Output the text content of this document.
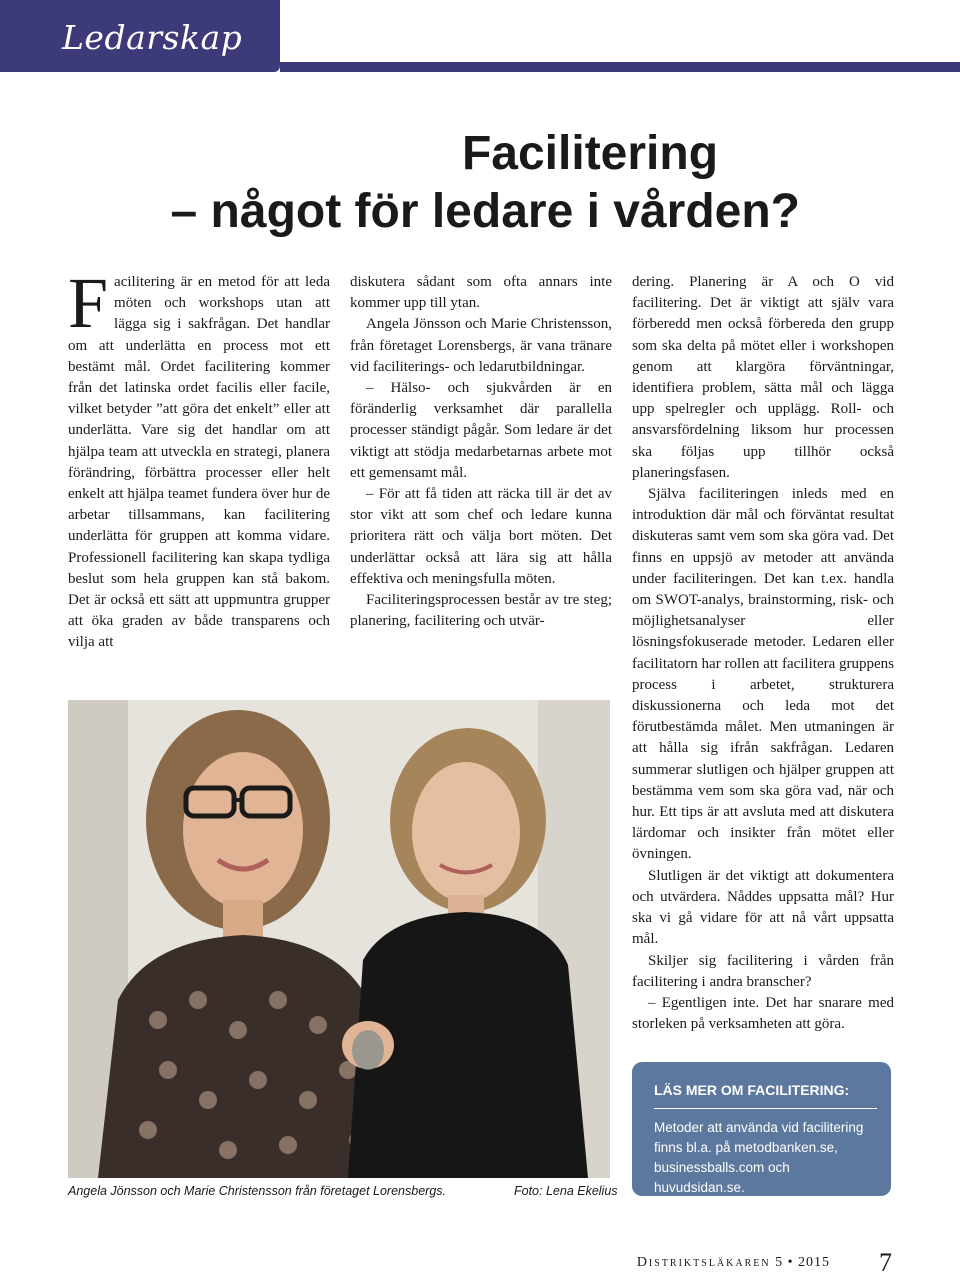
Ledarskap
Facilitering
– något för ledare i vården?
F acilitering är en metod för att leda möten och workshops utan att lägga sig i sakfrågan. Det handlar om att underlätta en process mot ett bestämt mål. Ordet facilitering kommer från det latinska ordet facilis eller facile, vilket betyder ”att göra det enkelt” eller att underlätta. Vare sig det handlar om att hjälpa team att utveckla en strategi, planera förändring, förbättra processer eller helt enkelt att hjälpa teamet fundera över hur de arbetar tillsammans, kan facilitering underlätta för gruppen att komma vidare. Professionell facilitering kan skapa tydliga beslut som hela gruppen kan stå bakom. Det är också ett sätt att uppmuntra grupper att öka graden av både transparens och vilja att

diskutera sådant som ofta annars inte kommer upp till ytan.

Angela Jönsson och Marie Christensson, från företaget Lorensbergs, är vana tränare vid faciliterings- och ledarutbildningar.

– Hälso- och sjukvården är en föränderlig verksamhet där parallella processer ständigt pågår. Som ledare är det viktigt att stödja medarbetarnas arbete mot ett gemensamt mål.

– För att få tiden att räcka till är det av stor vikt att som chef och ledare kunna prioritera rätt och välja bort möten. Det underlättar också att lära sig att hålla effektiva och meningsfulla möten.

Faciliteringsprocessen består av tre steg; planering, facilitering och utvär-

dering. Planering är A och O vid facilitering. Det är viktigt att själv vara förberedd men också förbereda den grupp som ska delta på mötet eller i workshopen genom att klargöra förväntningar, identifiera problem, sätta mål och lägga upp spelregler och upplägg. Roll- och ansvarsfördelning liksom hur processen ska följas upp tillhör också planeringsfasen.

Själva faciliteringen inleds med en introduktion där mål och förväntat resultat diskuteras samt vem som ska göra vad. Det finns en uppsjö av metoder att använda under faciliteringen. Det kan t.ex. handla om SWOT-analys, brainstorming, risk- och möjlighetsanalyser eller lösningsfokuserade metoder. Ledaren eller facilitatorn har rollen att facilitera gruppens process i arbetet, strukturera diskussionerna och leda mot det förutbestämda målet. Men utmaningen är att hålla sig ifrån sakfrågan. Ledaren summerar slutligen och hjälper gruppen att bestämma vem som ska göra vad, när och hur. Ett tips är att avsluta med att diskutera lärdomar och insikter från mötet eller övningen.

Slutligen är det viktigt att dokumentera och utvärdera. Nåddes uppsatta mål? Hur ska vi gå vidare för att nå vårt uppsatta mål.

Skiljer sig facilitering i vården från facilitering i andra branscher?

– Egentligen inte. Det har snarare med storleken på verksamheten att göra.

Angela Jönsson och Marie Christensson från företaget Lorensbergs.	Foto: Lena Ekelius
LÄS MER OM FACILITERING:
Metoder att använda vid facilitering finns bl.a. på metodbanken.se, businessballs.com och huvudsidan.se.
Distriktsläkaren 5 • 2015 7
